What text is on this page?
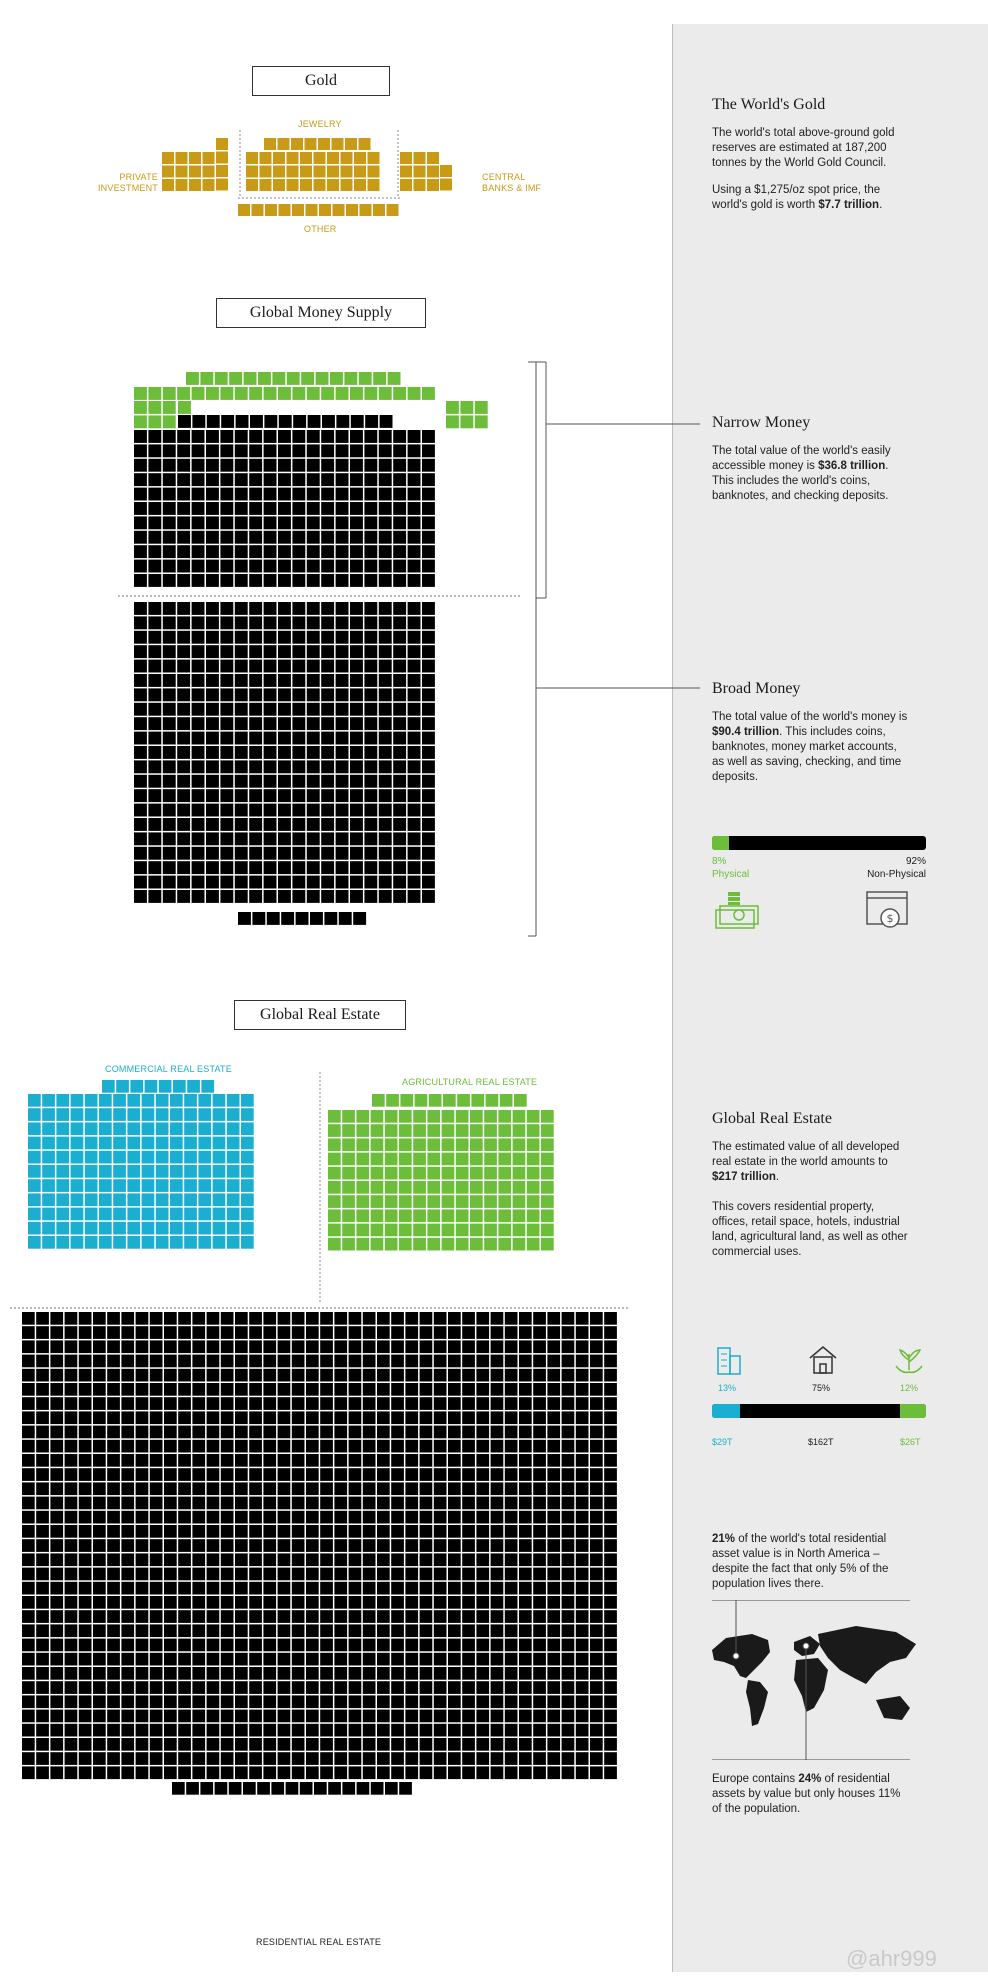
Gold
Global Money Supply
Global Real Estate
JEWELRY
PRIVATE
INVESTMENT
CENTRAL
BANKS & IMF
OTHER
COMMERCIAL REAL ESTATE
AGRICULTURAL REAL ESTATE
RESIDENTIAL REAL ESTATE
The World's Gold
The world's total above-ground gold reserves are estimated at 187,200 tonnes by the World Gold Council.
Using a $1,275/oz spot price, the world's gold is worth $7.7 trillion.
Narrow Money
The total value of the world's easily accessible money is $36.8 trillion. This includes the world's coins, banknotes, and checking deposits.
Broad Money
The total value of the world's money is $90.4 trillion. This includes coins, banknotes, money market accounts, as well as saving, checking, and time deposits.
8%
Physical
92%
Non-Physical
$
Global Real Estate
The estimated value of all developed real estate in the world amounts to $217 trillion.
This covers residential property, offices, retail space, hotels, industrial land, agricultural land, as well as other commercial uses.
13%	75%	12%
$29T	$162T	$26T
21% of the world's total residential asset value is in North America – despite the fact that only 5% of the population lives there.
Europe contains 24% of residential assets by value but only houses 11% of the population.
@ahr999
